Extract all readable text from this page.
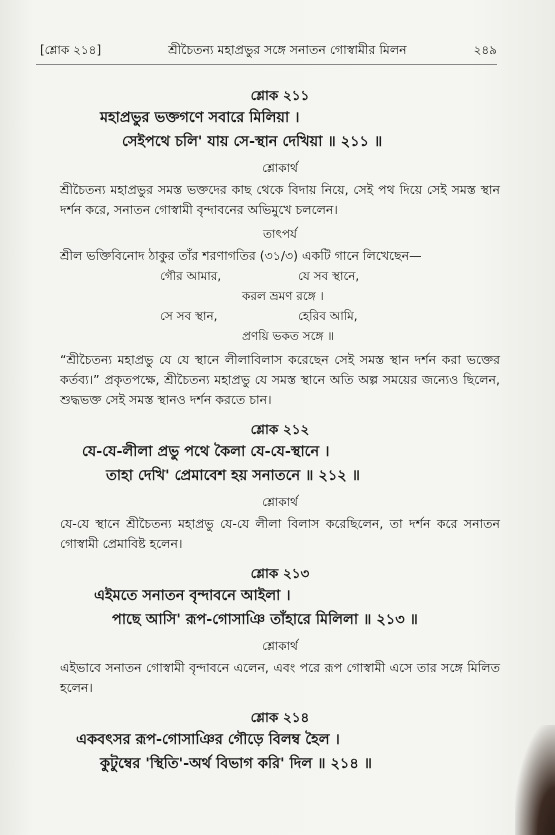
[শ্লোক ২১৪]	শ্রীচৈতন্য মহাপ্রভুর সঙ্গে সনাতন গোস্বামীর মিলন	২৪৯
শ্লোক ২১১
মহাপ্রভুর ভক্তগণে সবারে মিলিয়া ।
সেইপথে চলি' যায় সে-স্থান দেখিয়া ॥ ২১১ ॥
শ্লোকার্থ
শ্রীচৈতন্য মহাপ্রভুর সমস্ত ভক্তদের কাছ থেকে বিদায় নিয়ে, সেই পথ দিয়ে সেই সমস্ত স্থান দর্শন করে, সনাতন গোস্বামী বৃন্দাবনের অভিমুখে চললেন।
তাৎপর্য
শ্রীল ভক্তিবিনোদ ঠাকুর তাঁর শরণাগতির (৩১/৩) একটি গানে লিখেছেন—
গৌর আমার,	যে সব স্থানে,
করল ভ্রমণ রঙ্গে ।
সে সব স্থান,	হেরিব আমি,
প্রণয়ি ভকত সঙ্গে ॥
“শ্রীচৈতন্য মহাপ্রভু যে যে স্থানে লীলাবিলাস করেছেন সেই সমস্ত স্থান দর্শন করা ভক্তের কর্তব্য।” প্রকৃতপক্ষে, শ্রীচৈতন্য মহাপ্রভু যে সমস্ত স্থানে অতি অল্প সময়ের জন্যেও ছিলেন, শুদ্ধভক্ত সেই সমস্ত স্থানও দর্শন করতে চান।
শ্লোক ২১২
যে-যে-লীলা প্রভু পথে কৈলা যে-যে-স্থানে ।
তাহা দেখি' প্রেমাবেশ হয় সনাতনে ॥ ২১২ ॥
শ্লোকার্থ
যে-যে স্থানে শ্রীচৈতন্য মহাপ্রভু যে-যে লীলা বিলাস করেছিলেন, তা দর্শন করে সনাতন গোস্বামী প্রেমাবিষ্ট হলেন।
শ্লোক ২১৩
এইমতে সনাতন বৃন্দাবনে আইলা ।
পাছে আসি' রূপ-গোসাঞি তাঁহারে মিলিলা ॥ ২১৩ ॥
শ্লোকার্থ
এইভাবে সনাতন গোস্বামী বৃন্দাবনে এলেন, এবং পরে রূপ গোস্বামী এসে তার সঙ্গে মিলিত হলেন।
শ্লোক ২১৪
একবৎসর রূপ-গোসাঞির গৌড়ে বিলম্ব হৈল ।
কুটুম্বের 'স্থিতি'-অর্থ বিভাগ করি' দিল ॥ ২১৪ ॥
